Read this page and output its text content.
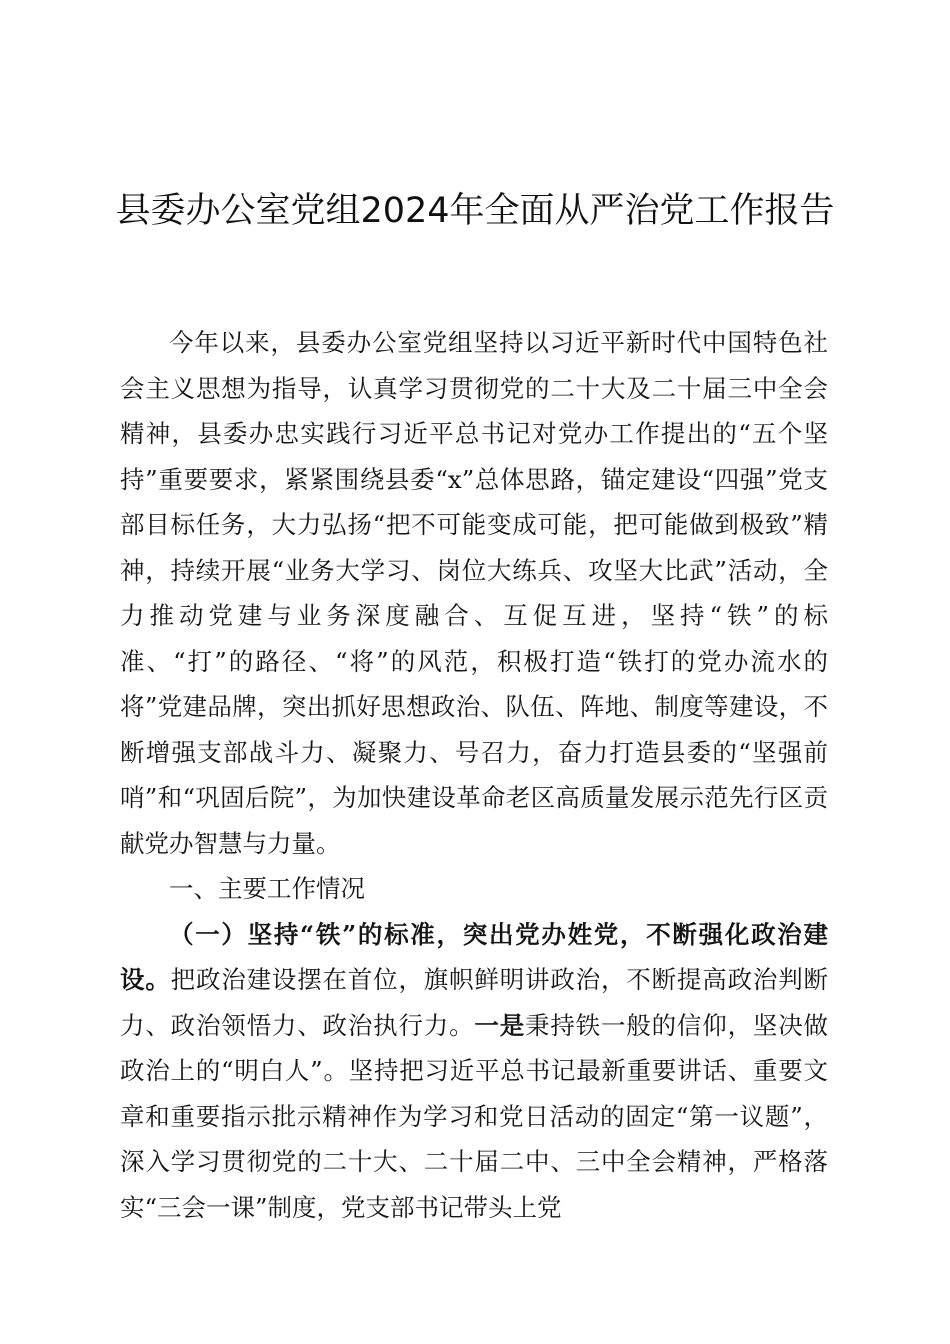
县委办公室党组2024年全面从严治党工作报告

今年以来，县委办公室党组坚持以习近平新时代中国特色社会主义思想为指导，认真学习贯彻党的二十大及二十届三中全会精神，县委办忠实践行习近平总书记对党办工作提出的“五个坚持”重要要求，紧紧围绕县委“x”总体思路，锚定建设“四强”党支部目标任务，大力弘扬“把不可能变成可能，把可能做到极致”精神，持续开展“业务大学习、岗位大练兵、攻坚大比武”活动，全力推动党建与业务深度融合、互促互进，坚持“铁”的标准、“打”的路径、“将”的风范，积极打造“铁打的党办流水的将”党建品牌，突出抓好思想政治、队伍、阵地、制度等建设，不断增强支部战斗力、凝聚力、号召力，奋力打造县委的“坚强前哨”和“巩固后院”，为加快建设革命老区高质量发展示范先行区贡献党办智慧与力量。

一、主要工作情况

（一）坚持“铁”的标准，突出党办姓党，不断强化政治建设。把政治建设摆在首位，旗帜鲜明讲政治，不断提高政治判断力、政治领悟力、政治执行力。一是秉持铁一般的信仰，坚决做政治上的“明白人”。坚持把习近平总书记最新重要讲话、重要文章和重要指示批示精神作为学习和党日活动的固定“第一议题”，深入学习贯彻党的二十大、二十届二中、三中全会精神，严格落实“三会一课”制度，党支部书记带头上党
